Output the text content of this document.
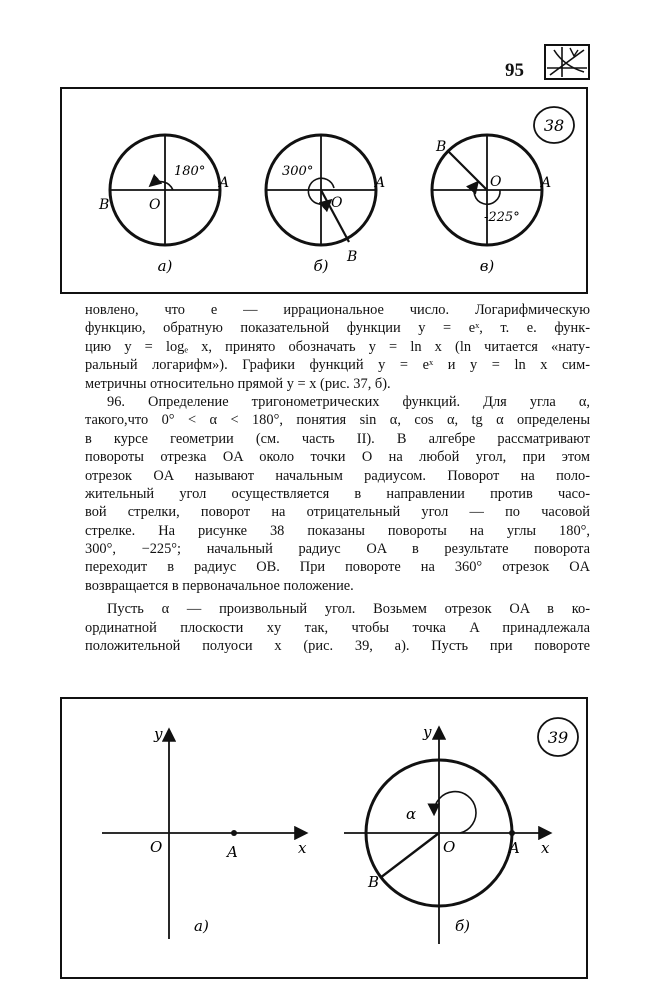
95
38
180°
A
B	O
a)
300°
A
B
O
б)
B
A
O
-225°
в)
новлено, что e — иррациональное число. Логарифмическую
функцию, обратную показательной функции y = eˣ, т. е. функ-
цию y = logₑ x, принято обозначать y = ln x (ln читается «нату-
ральный логарифм»). Графики функций y = eˣ и y = ln x сим-
метричны относительно прямой y = x (рис. 37, б).
96. Определение тригонометрических функций. Для угла α,
такого,что 0° < α < 180°, понятия sin α, cos α, tg α определены
в курсе геометрии (см. часть II). В алгебре рассматривают
повороты отрезка OA около точки O на любой угол, при этом
отрезок OA называют начальным радиусом. Поворот на поло-
жительный угол осуществляется в направлении против часо-
вой стрелки, поворот на отрицательный угол — по часовой
стрелке. На рисунке 38 показаны повороты на углы 180°,
300°, −225°; начальный радиус OA в результате поворота
переходит в радиус OB. При повороте на 360° отрезок OA
возвращается в первоначальное положение.
Пусть α — произвольный угол. Возьмем отрезок OA в ко-
ординатной плоскости xy так, чтобы точка A принадлежала
положительной полуоси x (рис. 39, а). Пусть при повороте
39
y
x
O	A
a)
y
x
O	A
B
α
б)
